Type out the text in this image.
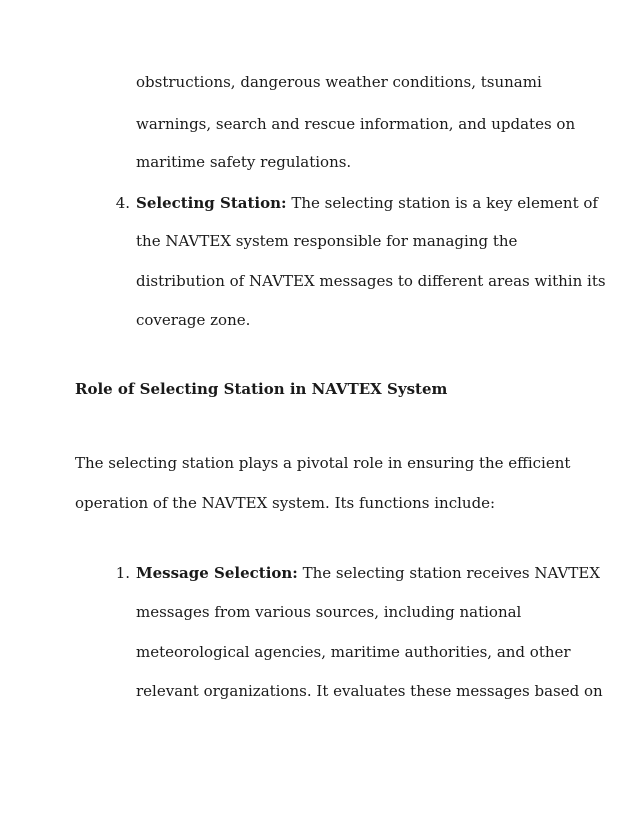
obstructions, dangerous weather conditions, tsunami
warnings, search and rescue information, and updates on
maritime safety regulations.
4. Selecting Station: The selecting station is a key element of
the NAVTEX system responsible for managing the
distribution of NAVTEX messages to different areas within its
coverage zone.
Role of Selecting Station in NAVTEX System
The selecting station plays a pivotal role in ensuring the efficient
operation of the NAVTEX system. Its functions include:
1. Message Selection: The selecting station receives NAVTEX
messages from various sources, including national
meteorological agencies, maritime authorities, and other
relevant organizations. It evaluates these messages based on
